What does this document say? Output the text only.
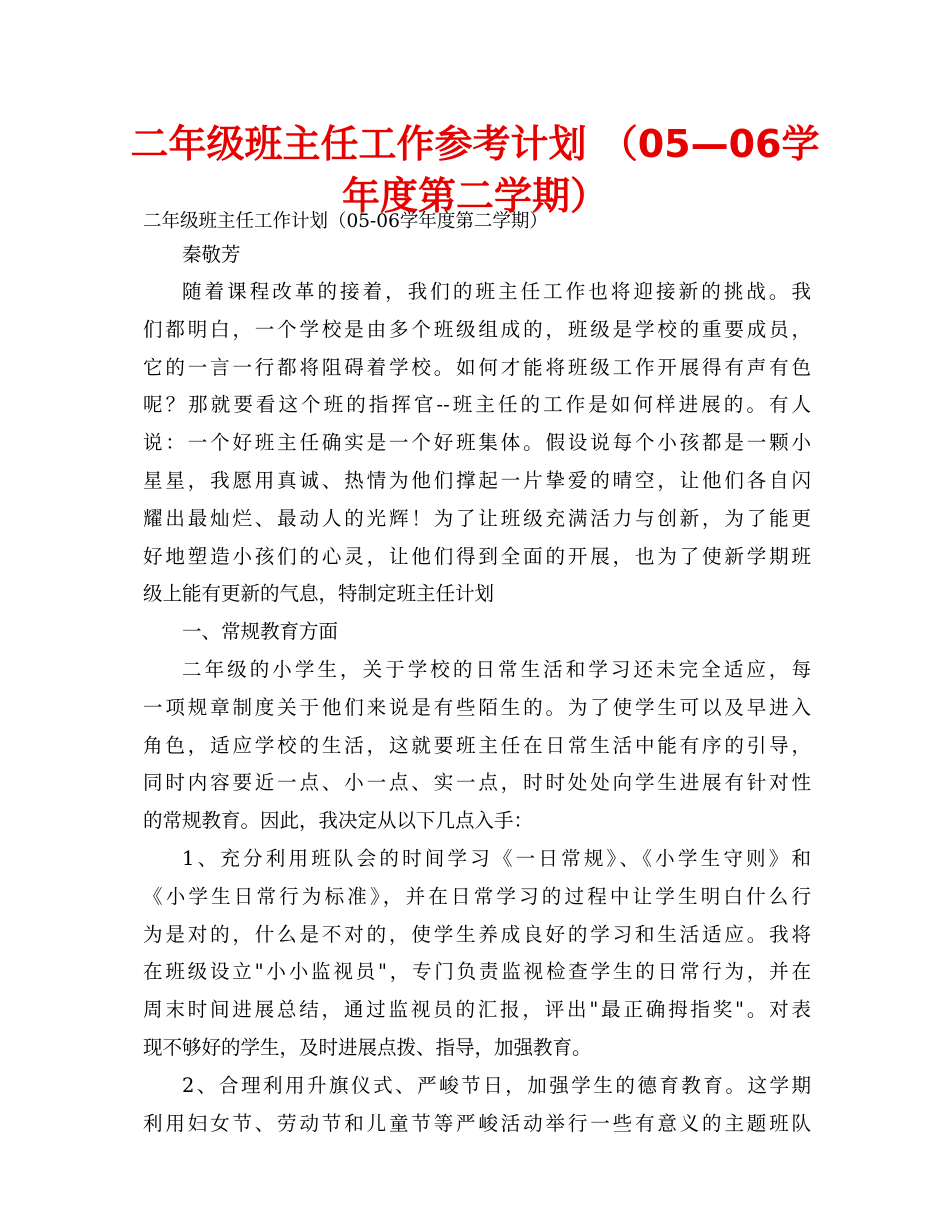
二年级班主任工作参考计划 （05—06学
年度第二学期）
二年级班主任工作计划（05-06学年度第二学期）
秦敬芳
随着课程改革的接着，我们的班主任工作也将迎接新的挑战。我
们都明白，一个学校是由多个班级组成的，班级是学校的重要成员，
它的一言一行都将阻碍着学校。如何才能将班级工作开展得有声有色
呢？那就要看这个班的指挥官--班主任的工作是如何样进展的。有人
说：一个好班主任确实是一个好班集体。假设说每个小孩都是一颗小
星星，我愿用真诚、热情为他们撑起一片挚爱的晴空，让他们各自闪
耀出最灿烂、最动人的光辉！为了让班级充满活力与创新，为了能更
好地塑造小孩们的心灵，让他们得到全面的开展，也为了使新学期班
级上能有更新的气息，特制定班主任计划
一、常规教育方面
二年级的小学生，关于学校的日常生活和学习还未完全适应，每
一项规章制度关于他们来说是有些陌生的。为了使学生可以及早进入
角色，适应学校的生活，这就要班主任在日常生活中能有序的引导，
同时内容要近一点、小一点、实一点，时时处处向学生进展有针对性
的常规教育。因此，我决定从以下几点入手：
1、充分利用班队会的时间学习《一日常规》、《小学生守则》和
《小学生日常行为标准》，并在日常学习的过程中让学生明白什么行
为是对的，什么是不对的，使学生养成良好的学习和生活适应。我将
在班级设立"小小监视员"，专门负责监视检查学生的日常行为，并在
周末时间进展总结，通过监视员的汇报，评出"最正确拇指奖"。对表
现不够好的学生，及时进展点拨、指导，加强教育。
2、合理利用升旗仪式、严峻节日，加强学生的德育教育。这学期
利用妇女节、劳动节和儿童节等严峻活动举行一些有意义的主题班队
